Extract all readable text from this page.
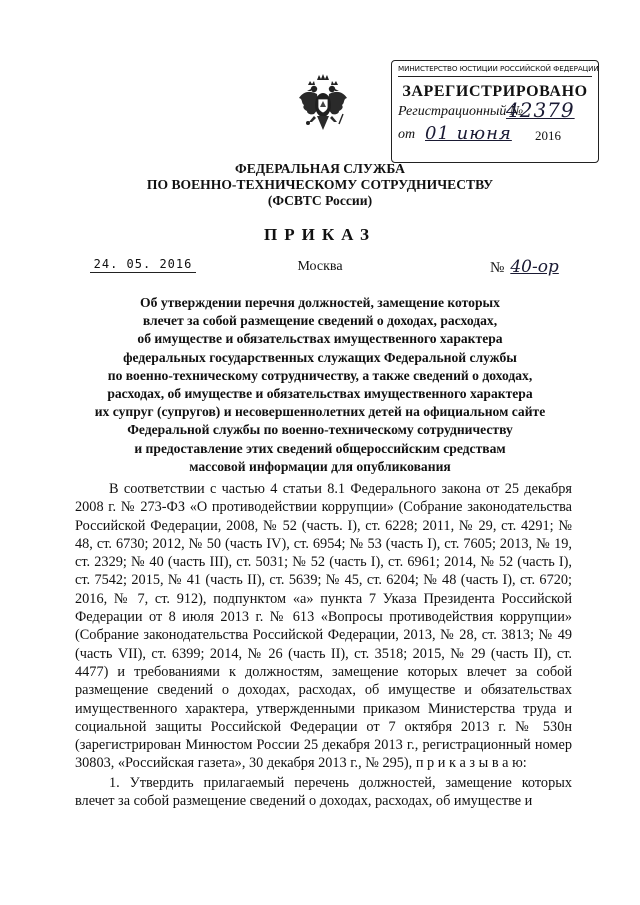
МИНИСТЕРСТВО ЮСТИЦИИ РОССИЙСКОЙ ФЕДЕРАЦИИ
ЗАРЕГИСТРИРОВАНО
Регистрационный №
42379
от 01 июня 2016
ФЕДЕРАЛЬНАЯ СЛУЖБА
ПО ВОЕННО-ТЕХНИЧЕСКОМУ СОТРУДНИЧЕСТВУ
(ФСВТС России)
ПРИКАЗ
24. 05. 2016	Москва	№ 40-ор
Об утверждении перечня должностей, замещение которых
влечет за собой размещение сведений о доходах, расходах,
об имуществе и обязательствах имущественного характера
федеральных государственных служащих Федеральной службы
по военно-техническому сотрудничеству, а также сведений о доходах,
расходах, об имуществе и обязательствах имущественного характера
их супруг (супругов) и несовершеннолетних детей на официальном сайте
Федеральной службы по военно-техническому сотрудничеству
и предоставление этих сведений общероссийским средствам
массовой информации для опубликования

В соответствии с частью 4 статьи 8.1 Федерального закона от 25 декабря 2008 г. № 273-ФЗ «О противодействии коррупции» (Собрание законодательства Российской Федерации, 2008, № 52 (часть. I), ст. 6228; 2011, № 29, ст. 4291; № 48, ст. 6730; 2012, № 50 (часть IV), ст. 6954; № 53 (часть I), ст. 7605; 2013, № 19, ст. 2329; № 40 (часть III), ст. 5031; № 52 (часть I), ст. 6961; 2014, № 52 (часть I), ст. 7542; 2015, № 41 (часть II), ст. 5639; № 45, ст. 6204; № 48 (часть I), ст. 6720; 2016, № 7, ст. 912), подпунктом «а» пункта 7 Указа Президента Российской Федерации от 8 июля 2013 г. № 613 «Вопросы противодействия коррупции» (Собрание законодательства Российской Федерации, 2013, № 28, ст. 3813; № 49 (часть VII), ст. 6399; 2014, № 26 (часть II), ст. 3518; 2015, № 29 (часть II), ст. 4477) и требованиями к должностям, замещение которых влечет за собой размещение сведений о доходах, расходах, об имуществе и обязательствах имущественного характера, утвержденными приказом Министерства труда и социальной защиты Российской Федерации от 7 октября 2013 г. № 530н (зарегистрирован Минюстом России 25 декабря 2013 г., регистрационный номер 30803, «Российская газета», 30 декабря 2013 г., № 295), п р и к а з ы в а ю:

1. Утвердить прилагаемый перечень должностей, замещение которых влечет за собой размещение сведений о доходах, расходах, об имуществе и
